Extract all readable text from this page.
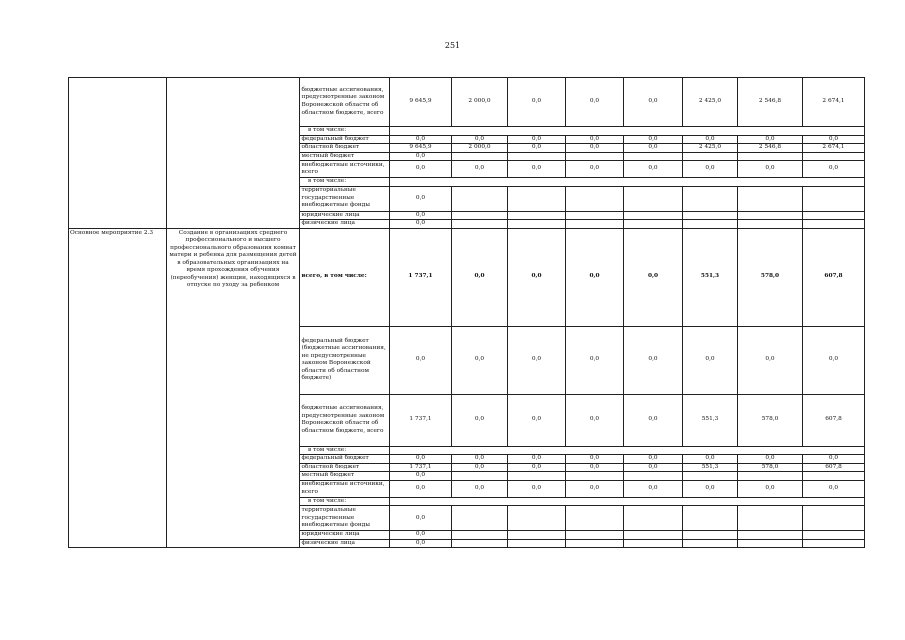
251
		бюджетные ассигнования, предусмотренные законом Воронежской области об областном бюджете, всего	9 645,9	2 000,0	0,0	0,0	0,0	2 425,0	2 546,8	2 674,1
		в том числе:								
		федеральный бюджет	0,0	0,0	0,0	0,0	0,0	0,0	0,0	0,0
		областной бюджет	9 645,9	2 000,0	0,0	0,0	0,0	2 425,0	2 546,8	2 674,1
		местный бюджет	0,0							
		внебюджетные источники, всего	0,0	0,0	0,0	0,0	0,0	0,0	0,0	0,0
		в том числе:								
		территориальные государственные внебюджетные фонды	0,0							
		юридические лица	0,0							
		физические лица	0,0							
Основное мероприятие 2.3	Создание в организациях среднего профессионального и высшего профессионального образования комнат матери и ребенка для размещения детей в образовательных организациях на время прохождения обучения (переобучения) женщин, находящихся в отпуске по уходу за ребенком	всего, в том числе:	1 737,1	0,0	0,0	0,0	0,0	551,3	578,0	607,8
		федеральный бюджет (бюджетные ассигнования, не предусмотренные законом Воронежской области об областном бюджете)	0,0	0,0	0,0	0,0	0,0	0,0	0,0	0,0
		бюджетные ассигнования, предусмотренные законом Воронежской области об областном бюджете, всего	1 737,1	0,0	0,0	0,0	0,0	551,3	578,0	607,8
		в том числе:								
		федеральный бюджет	0,0	0,0	0,0	0,0	0,0	0,0	0,0	0,0
		областной бюджет	1 737,1	0,0	0,0	0,0	0,0	551,3	578,0	607,8
		местный бюджет	0,0							
		внебюджетные источники, всего	0,0	0,0	0,0	0,0	0,0	0,0	0,0	0,0
		в том числе:								
		территориальные государственные внебюджетные фонды	0,0							
		юридические лица	0,0							
		физические лица	0,0							
